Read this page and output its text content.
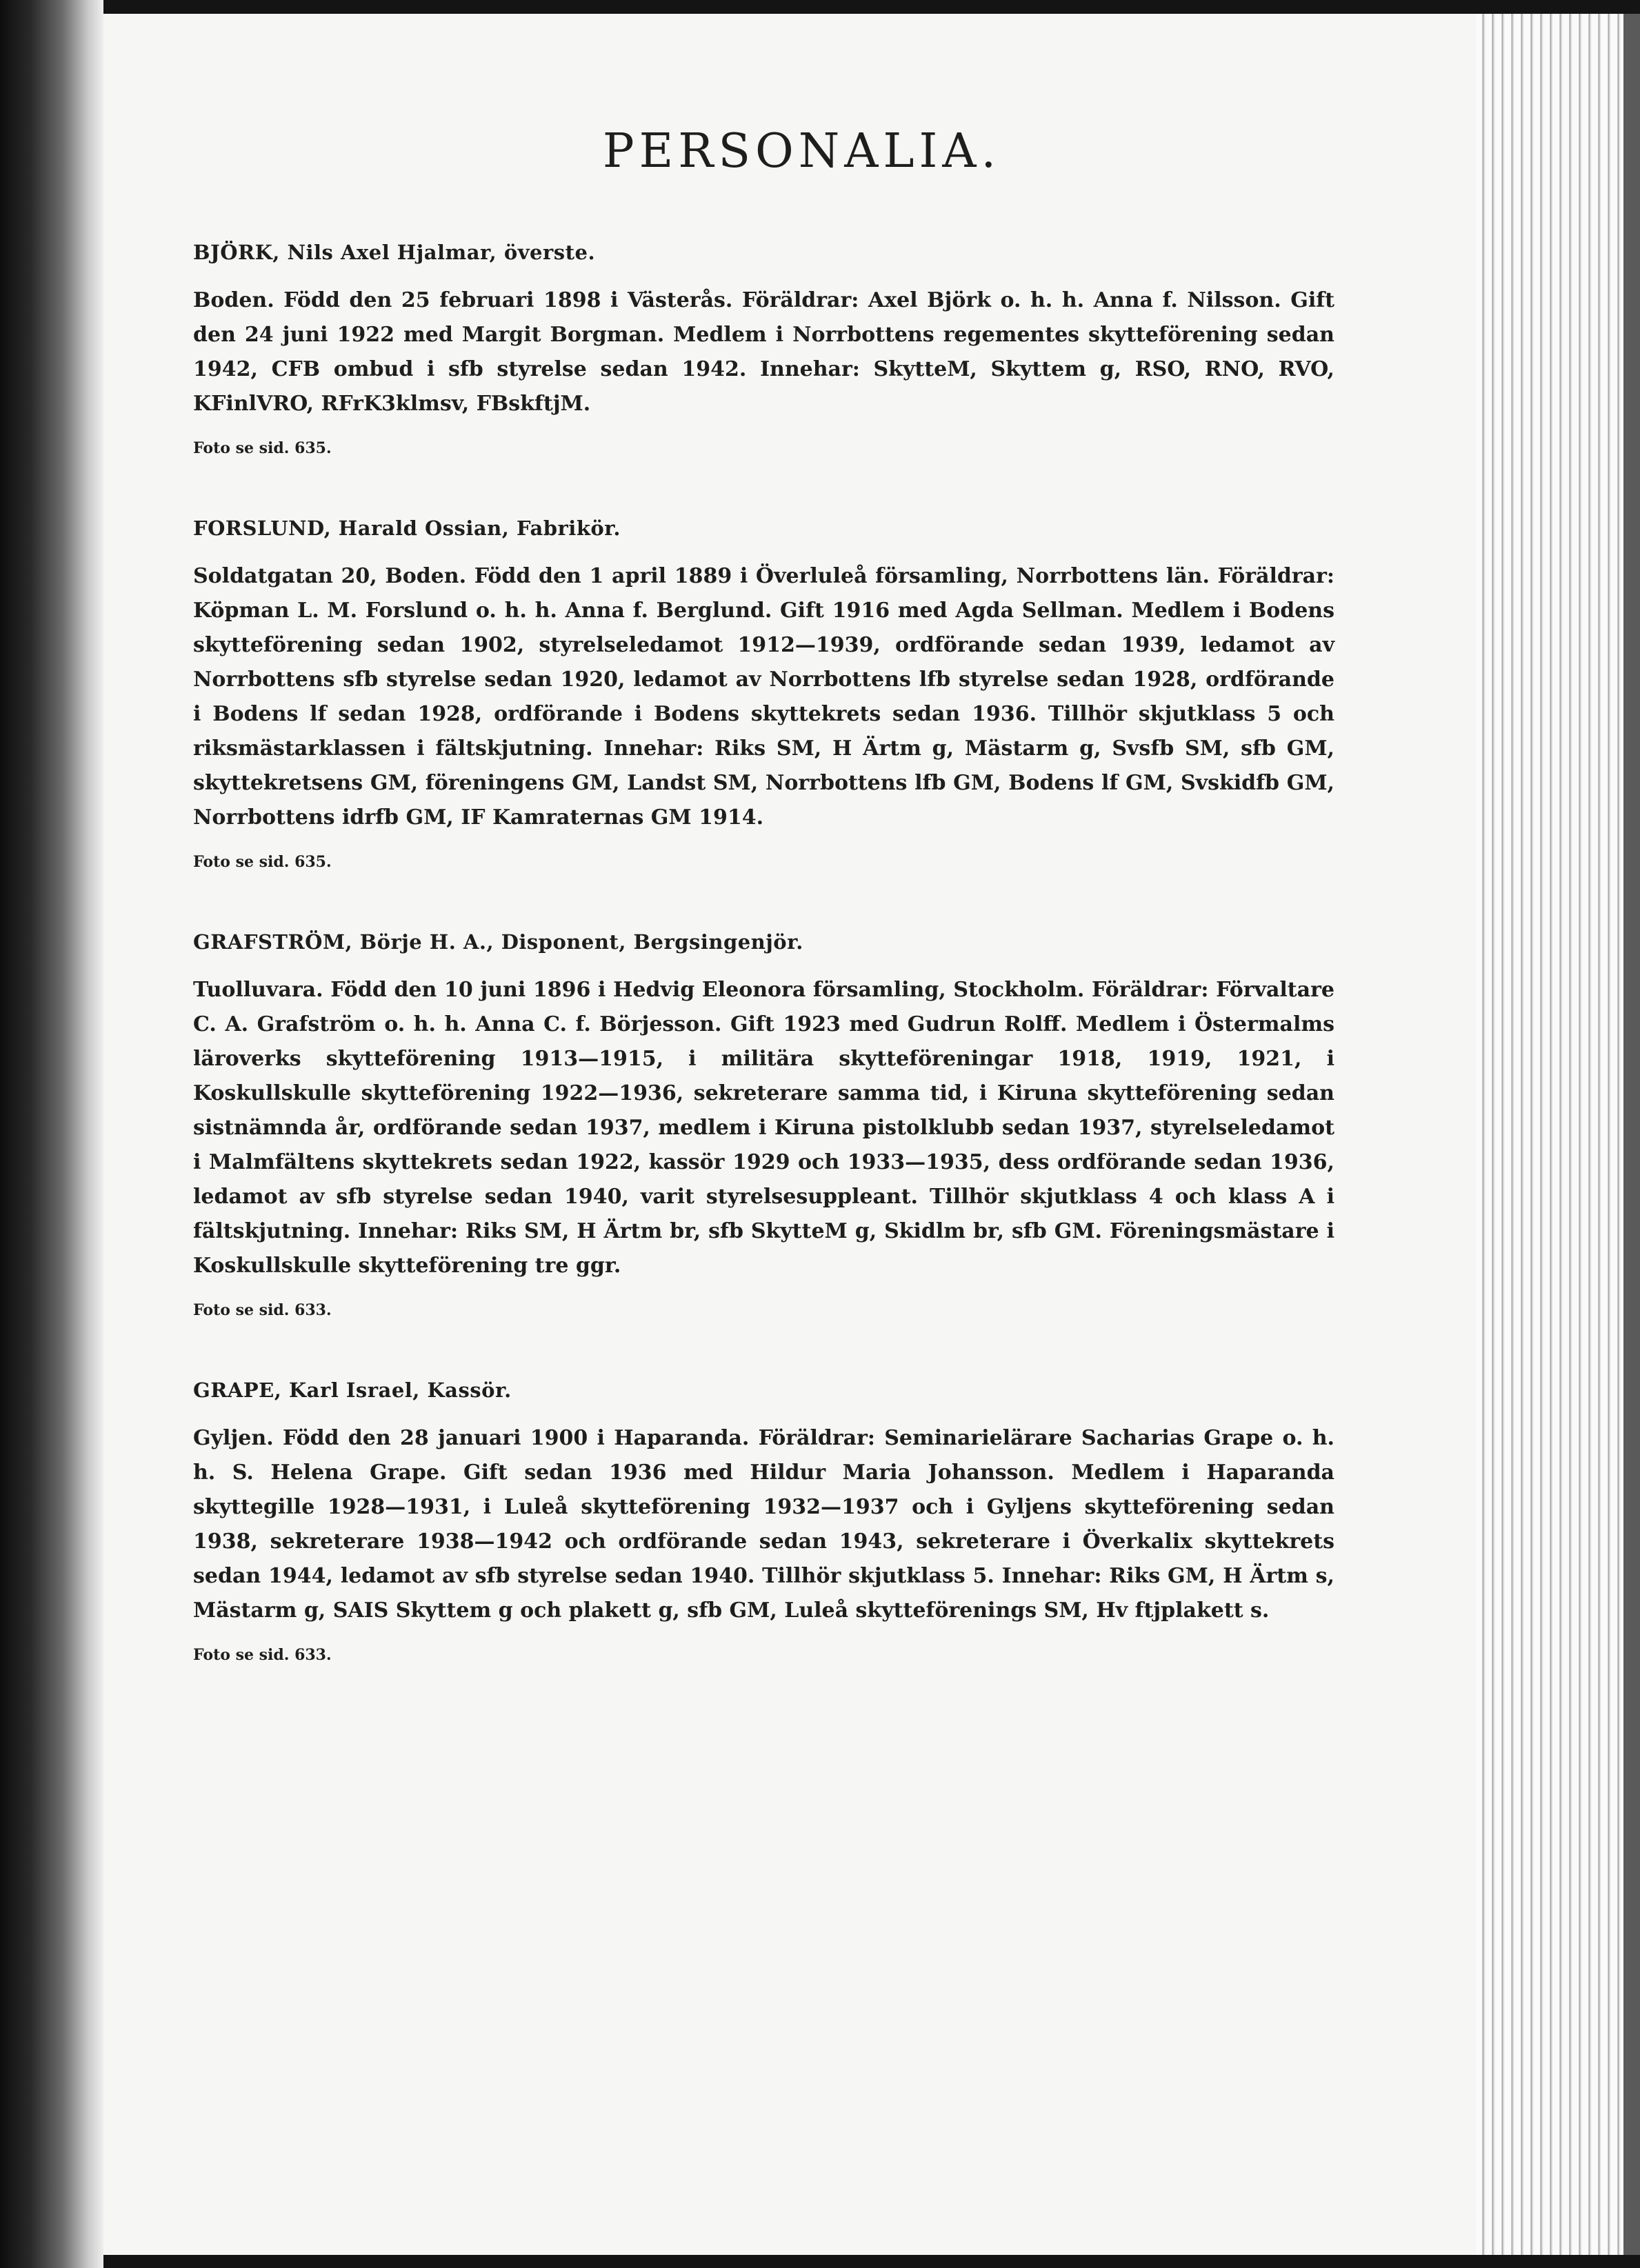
PERSONALIA.

BJÖRK, Nils Axel Hjalmar, överste.

Boden. Född den 25 februari 1898 i Västerås. Föräldrar: Axel Björk o. h. h. Anna f. Nilsson. Gift den 24 juni 1922 med Margit Borgman. Medlem i Norrbottens regementes skytteförening sedan 1942, CFB ombud i sfb styrelse sedan 1942. Innehar: SkytteM, Skyttem g, RSO, RNO, RVO, KFinlVRO, RFrK3klmsv, FBskftjM.

Foto se sid. 635.

FORSLUND, Harald Ossian, Fabrikör.

Soldatgatan 20, Boden. Född den 1 april 1889 i Överluleå församling, Norrbottens län. Föräldrar: Köpman L. M. Forslund o. h. h. Anna f. Berglund. Gift 1916 med Agda Sellman. Medlem i Bodens skytteförening sedan 1902, styrelseledamot 1912—1939, ordförande sedan 1939, ledamot av Norrbottens sfb styrelse sedan 1920, ledamot av Norrbottens lfb styrelse sedan 1928, ordförande i Bodens lf sedan 1928, ordförande i Bodens skyttekrets sedan 1936. Tillhör skjutklass 5 och riksmästarklassen i fältskjutning. Innehar: Riks SM, H Ärtm g, Mästarm g, Svsfb SM, sfb GM, skyttekretsens GM, föreningens GM, Landst SM, Norrbottens lfb GM, Bodens lf GM, Svskidfb GM, Norrbottens idrfb GM, IF Kamraternas GM 1914.

Foto se sid. 635.

GRAFSTRÖM, Börje H. A., Disponent, Bergsingenjör.

Tuolluvara. Född den 10 juni 1896 i Hedvig Eleonora församling, Stockholm. Föräldrar: Förvaltare C. A. Grafström o. h. h. Anna C. f. Börjesson. Gift 1923 med Gudrun Rolff. Medlem i Östermalms läroverks skytteförening 1913—1915, i militära skytteföreningar 1918, 1919, 1921, i Koskullskulle skytteförening 1922—1936, sekreterare samma tid, i Kiruna skytteförening sedan sistnämnda år, ordförande sedan 1937, medlem i Kiruna pistolklubb sedan 1937, styrelseledamot i Malmfältens skyttekrets sedan 1922, kassör 1929 och 1933—1935, dess ordförande sedan 1936, ledamot av sfb styrelse sedan 1940, varit styrelsesuppleant. Tillhör skjutklass 4 och klass A i fältskjutning. Innehar: Riks SM, H Ärtm br, sfb SkytteM g, Skidlm br, sfb GM. Föreningsmästare i Koskullskulle skytteförening tre ggr.

Foto se sid. 633.

GRAPE, Karl Israel, Kassör.

Gyljen. Född den 28 januari 1900 i Haparanda. Föräldrar: Seminarielärare Sacharias Grape o. h. h. S. Helena Grape. Gift sedan 1936 med Hildur Maria Johansson. Medlem i Haparanda skyttegille 1928—1931, i Luleå skytteförening 1932—1937 och i Gyljens skytteförening sedan 1938, sekreterare 1938—1942 och ordförande sedan 1943, sekreterare i Överkalix skyttekrets sedan 1944, ledamot av sfb styrelse sedan 1940. Tillhör skjutklass 5. Innehar: Riks GM, H Ärtm s, Mästarm g, SAIS Skyttem g och plakett g, sfb GM, Luleå skytteförenings SM, Hv ftjplakett s.

Foto se sid. 633.
